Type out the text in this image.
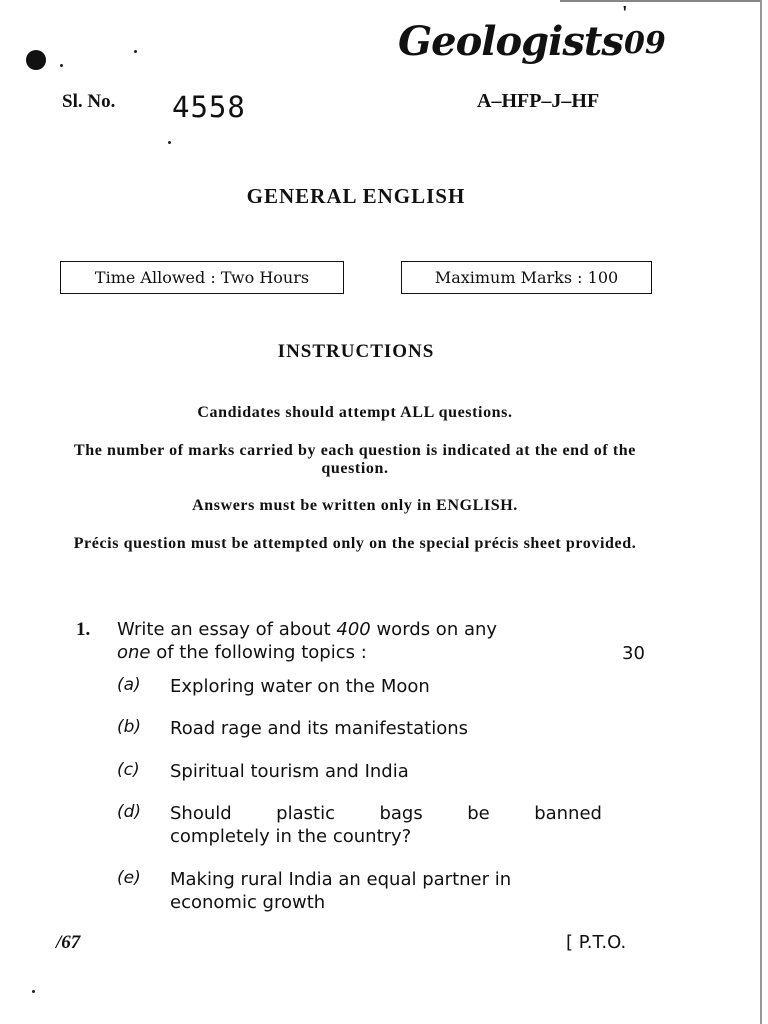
Geologists
'
09
Sl. No. 4558	A–HFP–J–HF
GENERAL ENGLISH
Time Allowed : Two Hours	Maximum Marks : 100
INSTRUCTIONS
Candidates should attempt ALL questions.
The number of marks carried by each question is indicated at the end of the question.
Answers must be written only in ENGLISH.
Précis question must be attempted only on the special précis sheet provided.
1. Write an essay of about 400 words on any
one of the following topics :	30
(a) Exploring water on the Moon
(b) Road rage and its manifestations
(c) Spiritual tourism and India
(d) Should plastic bags be banned
completely in the country?
(e) Making rural India an equal partner in
economic growth
/67	[ P.T.O.
